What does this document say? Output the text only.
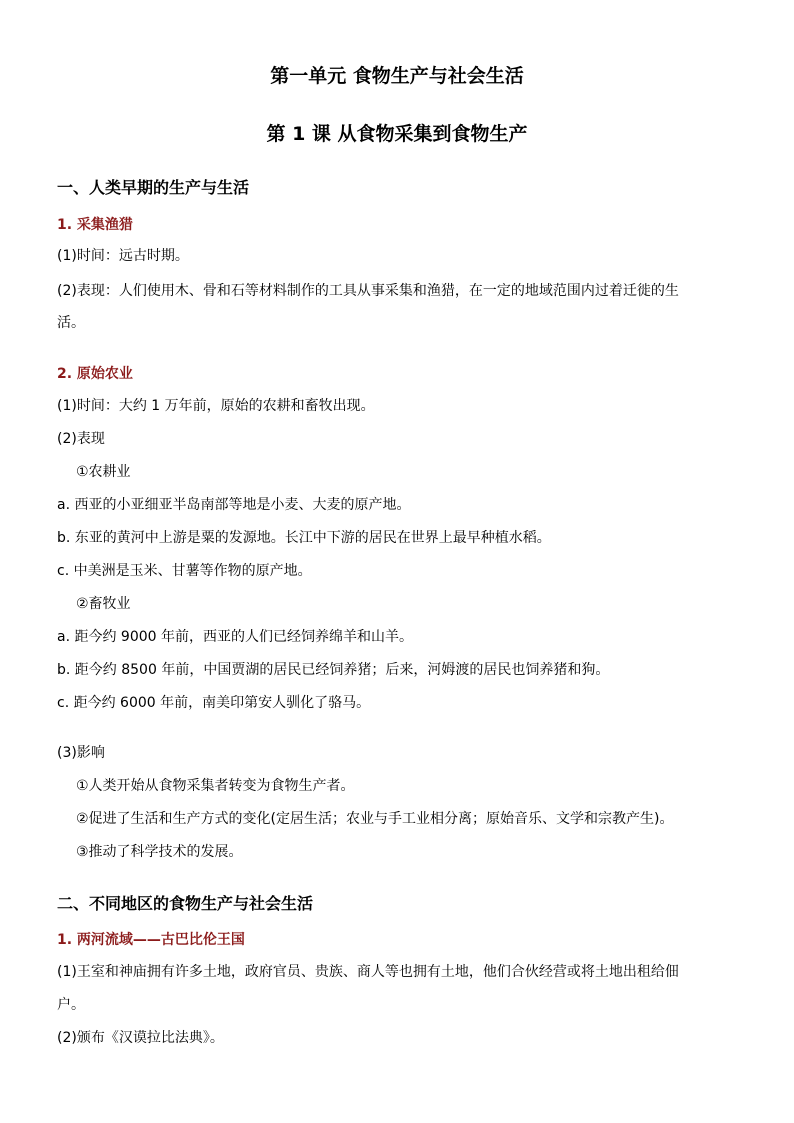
第一单元 食物生产与社会生活
第 1 课 从食物采集到食物生产
一、人类早期的生产与生活
1. 采集渔猎
(1)时间：远古时期。
(2)表现：人们使用木、骨和石等材料制作的工具从事采集和渔猎，在一定的地域范围内过着迁徙的生
活。
2. 原始农业
(1)时间：大约 1 万年前，原始的农耕和畜牧出现。
(2)表现
①农耕业
a. 西亚的小亚细亚半岛南部等地是小麦、大麦的原产地。
b. 东亚的黄河中上游是粟的发源地。长江中下游的居民在世界上最早种植水稻。
c. 中美洲是玉米、甘薯等作物的原产地。
②畜牧业
a. 距今约 9000 年前，西亚的人们已经饲养绵羊和山羊。
b. 距今约 8500 年前，中国贾湖的居民已经饲养猪；后来，河姆渡的居民也饲养猪和狗。
c. 距今约 6000 年前，南美印第安人驯化了骆马。
(3)影响
①人类开始从食物采集者转变为食物生产者。
②促进了生活和生产方式的变化(定居生活；农业与手工业相分离；原始音乐、文学和宗教产生)。
③推动了科学技术的发展。
二、不同地区的食物生产与社会生活
1. 两河流域——古巴比伦王国
(1)王室和神庙拥有许多土地，政府官员、贵族、商人等也拥有土地，他们合伙经营或将土地出租给佃
户。
(2)颁布《汉谟拉比法典》。
